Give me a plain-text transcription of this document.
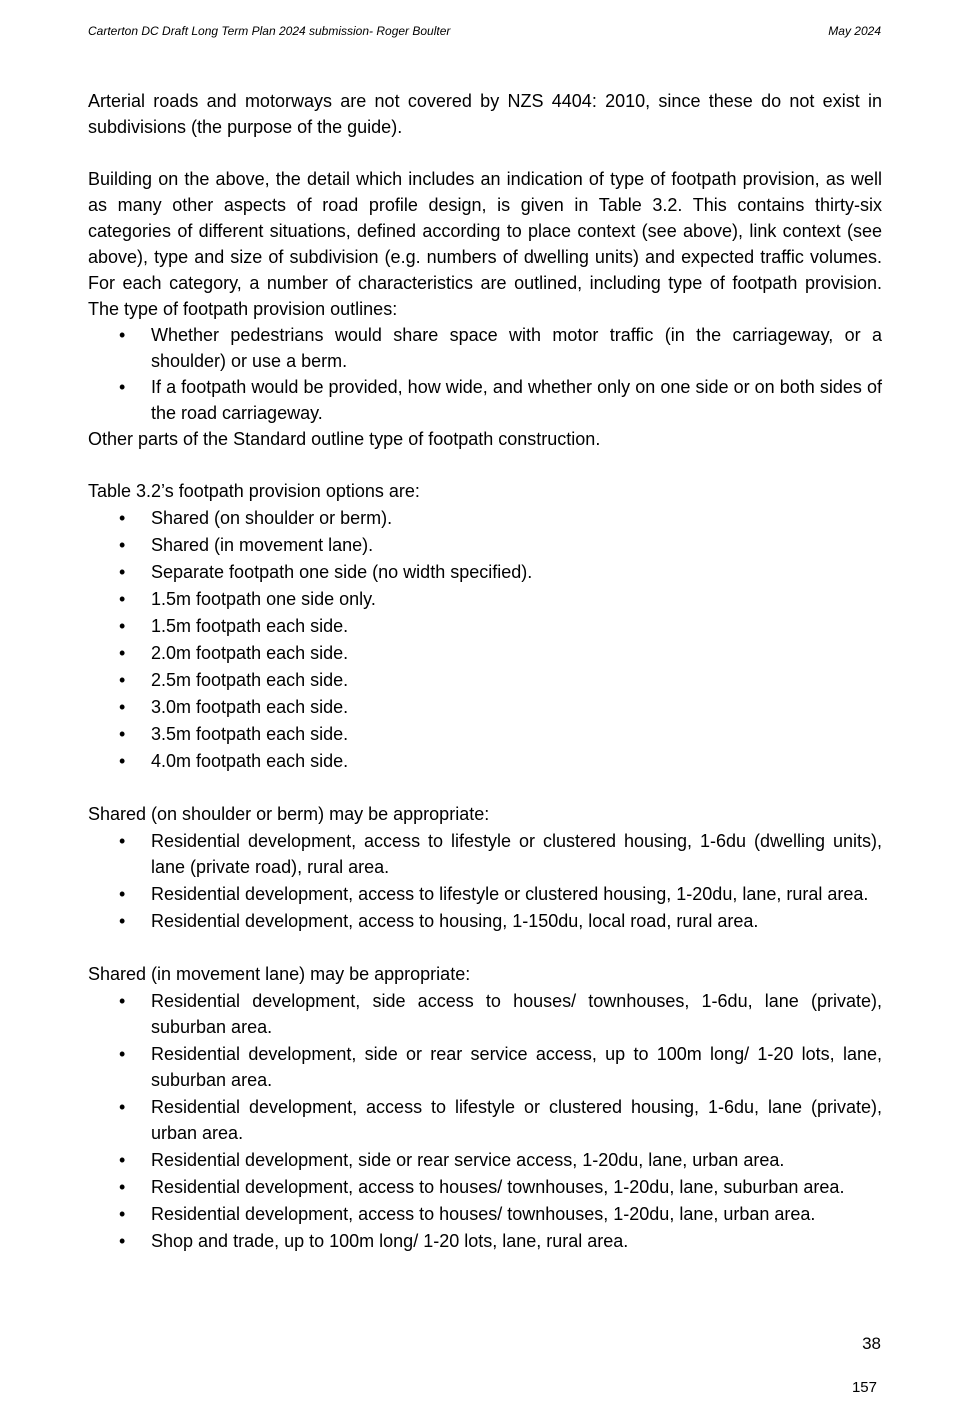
Carterton DC Draft Long Term Plan 2024 submission- Roger Boulter	May 2024

Arterial roads and motorways are not covered by NZS 4404: 2010, since these do not exist in subdivisions (the purpose of the guide).

Building on the above, the detail which includes an indication of type of footpath provision, as well as many other aspects of road profile design, is given in Table 3.2. This contains thirty-six categories of different situations, defined according to place context (see above), link context (see above), type and size of subdivision (e.g. numbers of dwelling units) and expected traffic volumes. For each category, a number of characteristics are outlined, including type of footpath provision. The type of footpath provision outlines:

• Whether pedestrians would share space with motor traffic (in the carriageway, or a shoulder) or use a berm.
• If a footpath would be provided, how wide, and whether only on one side or on both sides of the road carriageway.

Other parts of the Standard outline type of footpath construction.

Table 3.2’s footpath provision options are:

• Shared (on shoulder or berm).
• Shared (in movement lane).
• Separate footpath one side (no width specified).
• 1.5m footpath one side only.
• 1.5m footpath each side.
• 2.0m footpath each side.
• 2.5m footpath each side.
• 3.0m footpath each side.
• 3.5m footpath each side.
• 4.0m footpath each side.

Shared (on shoulder or berm) may be appropriate:

• Residential development, access to lifestyle or clustered housing, 1-6du (dwelling units), lane (private road), rural area.
• Residential development, access to lifestyle or clustered housing, 1-20du, lane, rural area.
• Residential development, access to housing, 1-150du, local road, rural area.

Shared (in movement lane) may be appropriate:

• Residential development, side access to houses/ townhouses, 1-6du, lane (private), suburban area.
• Residential development, side or rear service access, up to 100m long/ 1-20 lots, lane, suburban area.
• Residential development, access to lifestyle or clustered housing, 1-6du, lane (private), urban area.
• Residential development, side or rear service access, 1-20du, lane, urban area.
• Residential development, access to houses/ townhouses, 1-20du, lane, suburban area.
• Residential development, access to houses/ townhouses, 1-20du, lane, urban area.
• Shop and trade, up to 100m long/ 1-20 lots, lane, rural area.
38
157
